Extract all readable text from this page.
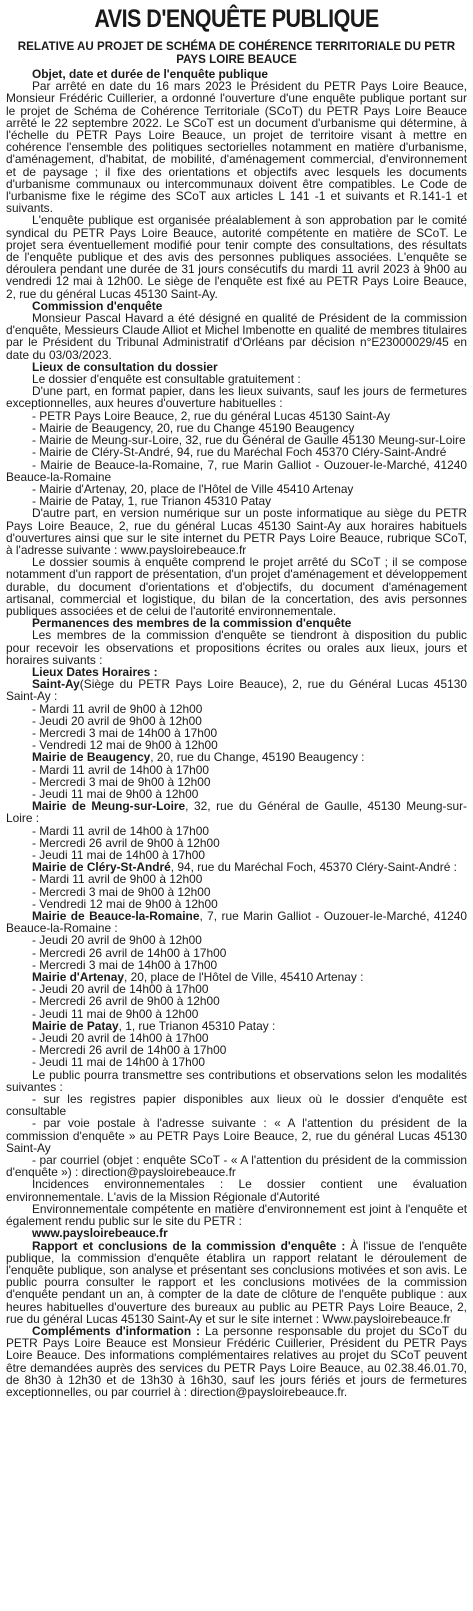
AVIS D'ENQUÊTE PUBLIQUE
RELATIVE AU PROJET DE SCHÉMA DE COHÉRENCE TERRITORIALE DU PETR PAYS LOIRE BEAUCE

Objet, date et durée de l'enquête publique

Par arrêté en date du 16 mars 2023 le Président du PETR Pays Loire Beauce, Monsieur Frédéric Cuillerier, a ordonné l'ouverture d'une enquête publique portant sur le projet de Schéma de Cohérence Territoriale (SCoT) du PETR Pays Loire Beauce arrêté le 22 septembre 2022. Le SCoT est un document d'urbanisme qui détermine, à l'échelle du PETR Pays Loire Beauce, un projet de territoire visant à mettre en cohérence l'ensemble des politiques sectorielles notamment en matière d'urbanisme, d'aménagement, d'habitat, de mobilité, d'aménagement commercial, d'environnement et de paysage ; il fixe des orientations et objectifs avec lesquels les documents d'urbanisme communaux ou intercommunaux doivent être compatibles. Le Code de l'urbanisme fixe le régime des SCoT aux articles L 141 -1 et suivants et R.141-1 et suivants.

L'enquête publique est organisée préalablement à son approbation par le comité syndical du PETR Pays Loire Beauce, autorité compétente en matière de SCoT. Le projet sera éventuellement modifié pour tenir compte des consultations, des résultats de l'enquête publique et des avis des personnes publiques associées. L'enquête se déroulera pendant une durée de 31 jours consécutifs du mardi 11 avril 2023 à 9h00 au vendredi 12 mai à 12h00. Le siège de l'enquête est fixé au PETR Pays Loire Beauce, 2, rue du général Lucas 45130 Saint-Ay.

Commission d'enquête

Monsieur Pascal Havard a été désigné en qualité de Président de la commission d'enquête, Messieurs Claude Alliot et Michel Imbenotte en qualité de membres titulaires par le Président du Tribunal Administratif d'Orléans par décision n°E23000029/45 en date du 03/03/2023.

Lieux de consultation du dossier

Le dossier d'enquête est consultable gratuitement :

D'une part, en format papier, dans les lieux suivants, sauf les jours de fermetures exceptionnelles, aux heures d'ouverture habituelles :

- PETR Pays Loire Beauce, 2, rue du général Lucas 45130 Saint-Ay

- Mairie de Beaugency, 20, rue du Change 45190 Beaugency

- Mairie de Meung-sur-Loire, 32, rue du Général de Gaulle 45130 Meung-sur-Loire

- Mairie de Cléry-St-André, 94, rue du Maréchal Foch 45370 Cléry-Saint-André

- Mairie de Beauce-la-Romaine, 7, rue Marin Galliot - Ouzouer-le-Marché, 41240 Beauce-la-Romaine

- Mairie d'Artenay, 20, place de l'Hôtel de Ville 45410 Artenay

- Mairie de Patay, 1, rue Trianon 45310 Patay

D'autre part, en version numérique sur un poste informatique au siège du PETR Pays Loire Beauce, 2, rue du général Lucas 45130 Saint-Ay aux horaires habituels d'ouvertures ainsi que sur le site internet du PETR Pays Loire Beauce, rubrique SCoT, à l'adresse suivante : www.paysloirebeauce.fr

Le dossier soumis à enquête comprend le projet arrêté du SCoT ; il se compose notamment d'un rapport de présentation, d'un projet d'aménagement et développement durable, du document d'orientations et d'objectifs, du document d'aménagement artisanal, commercial et logistique, du bilan de la concertation, des avis personnes publiques associées et de celui de l'autorité environnementale.

Permanences des membres de la commission d'enquête

Les membres de la commission d'enquête se tiendront à disposition du public pour recevoir les observations et propositions écrites ou orales aux lieux, jours et horaires suivants :

Lieux Dates Horaires :

Saint-Ay(Siège du PETR Pays Loire Beauce), 2, rue du Général Lucas 45130 Saint-Ay :

- Mardi 11 avril de 9h00 à 12h00

- Jeudi 20 avril de 9h00 à 12h00

- Mercredi 3 mai de 14h00 à 17h00

- Vendredi 12 mai de 9h00 à 12h00

Mairie de Beaugency, 20, rue du Change, 45190 Beaugency :

- Mardi 11 avril de 14h00 à 17h00

- Mercredi 3 mai de 9h00 à 12h00

- Jeudi 11 mai de 9h00 à 12h00

Mairie de Meung-sur-Loire, 32, rue du Général de Gaulle, 45130 Meung-sur-Loire :

- Mardi 11 avril de 14h00 à 17h00

- Mercredi 26 avril de 9h00 à 12h00

- Jeudi 11 mai de 14h00 à 17h00

Mairie de Cléry-St-André, 94, rue du Maréchal Foch, 45370 Cléry-Saint-André :

- Mardi 11 avril de 9h00 à 12h00

- Mercredi 3 mai de 9h00 à 12h00

- Vendredi 12 mai de 9h00 à 12h00

Mairie de Beauce-la-Romaine, 7, rue Marin Galliot - Ouzouer-le-Marché, 41240 Beauce-la-Romaine :

- Jeudi 20 avril de 9h00 à 12h00

- Mercredi 26 avril de 14h00 à 17h00

- Mercredi 3 mai de 14h00 à 17h00

Mairie d'Artenay, 20, place de l'Hôtel de Ville, 45410 Artenay :

- Jeudi 20 avril de 14h00 à 17h00

- Mercredi 26 avril de 9h00 à 12h00

- Jeudi 11 mai de 9h00 à 12h00

Mairie de Patay, 1, rue Trianon 45310 Patay :

- Jeudi 20 avril de 14h00 à 17h00

- Mercredi 26 avril de 14h00 à 17h00

- Jeudi 11 mai de 14h00 à 17h00

Le public pourra transmettre ses contributions et observations selon les modalités suivantes :

- sur les registres papier disponibles aux lieux où le dossier d'enquête est consultable

- par voie postale à l'adresse suivante : « A l'attention du président de la commission d'enquête » au PETR Pays Loire Beauce, 2, rue du général Lucas 45130 Saint-Ay

- par courriel (objet : enquête SCoT - « A l'attention du président de la commission d'enquête ») : direction@paysloirebeauce.fr

Incidences environnementales : Le dossier contient une évaluation environnementale. L'avis de la Mission Régionale d'Autorité

Environnementale compétente en matière d'environnement est joint à l'enquête et également rendu public sur le site du PETR :

www.paysloirebeauce.fr

Rapport et conclusions de la commission d'enquête : À l'issue de l'enquête publique, la commission d'enquête établira un rapport relatant le déroulement de l'enquête publique, son analyse et présentant ses conclusions motivées et son avis. Le public pourra consulter le rapport et les conclusions motivées de la commission d'enquête pendant un an, à compter de la date de clôture de l'enquête publique : aux heures habituelles d'ouverture des bureaux au public au PETR Pays Loire Beauce, 2, rue du général Lucas 45130 Saint-Ay et sur le site internet : Www.paysloirebeauce.fr

Compléments d'information : La personne responsable du projet du SCoT du PETR Pays Loire Beauce est Monsieur Frédéric Cuillerier, Président du PETR Pays Loire Beauce. Des informations complémentaires relatives au projet du SCoT peuvent être demandées auprès des services du PETR Pays Loire Beauce, au 02.38.46.01.70, de 8h30 à 12h30 et de 13h30 à 16h30, sauf les jours fériés et jours de fermetures exceptionnelles, ou par courriel à : direction@paysloirebeauce.fr.
